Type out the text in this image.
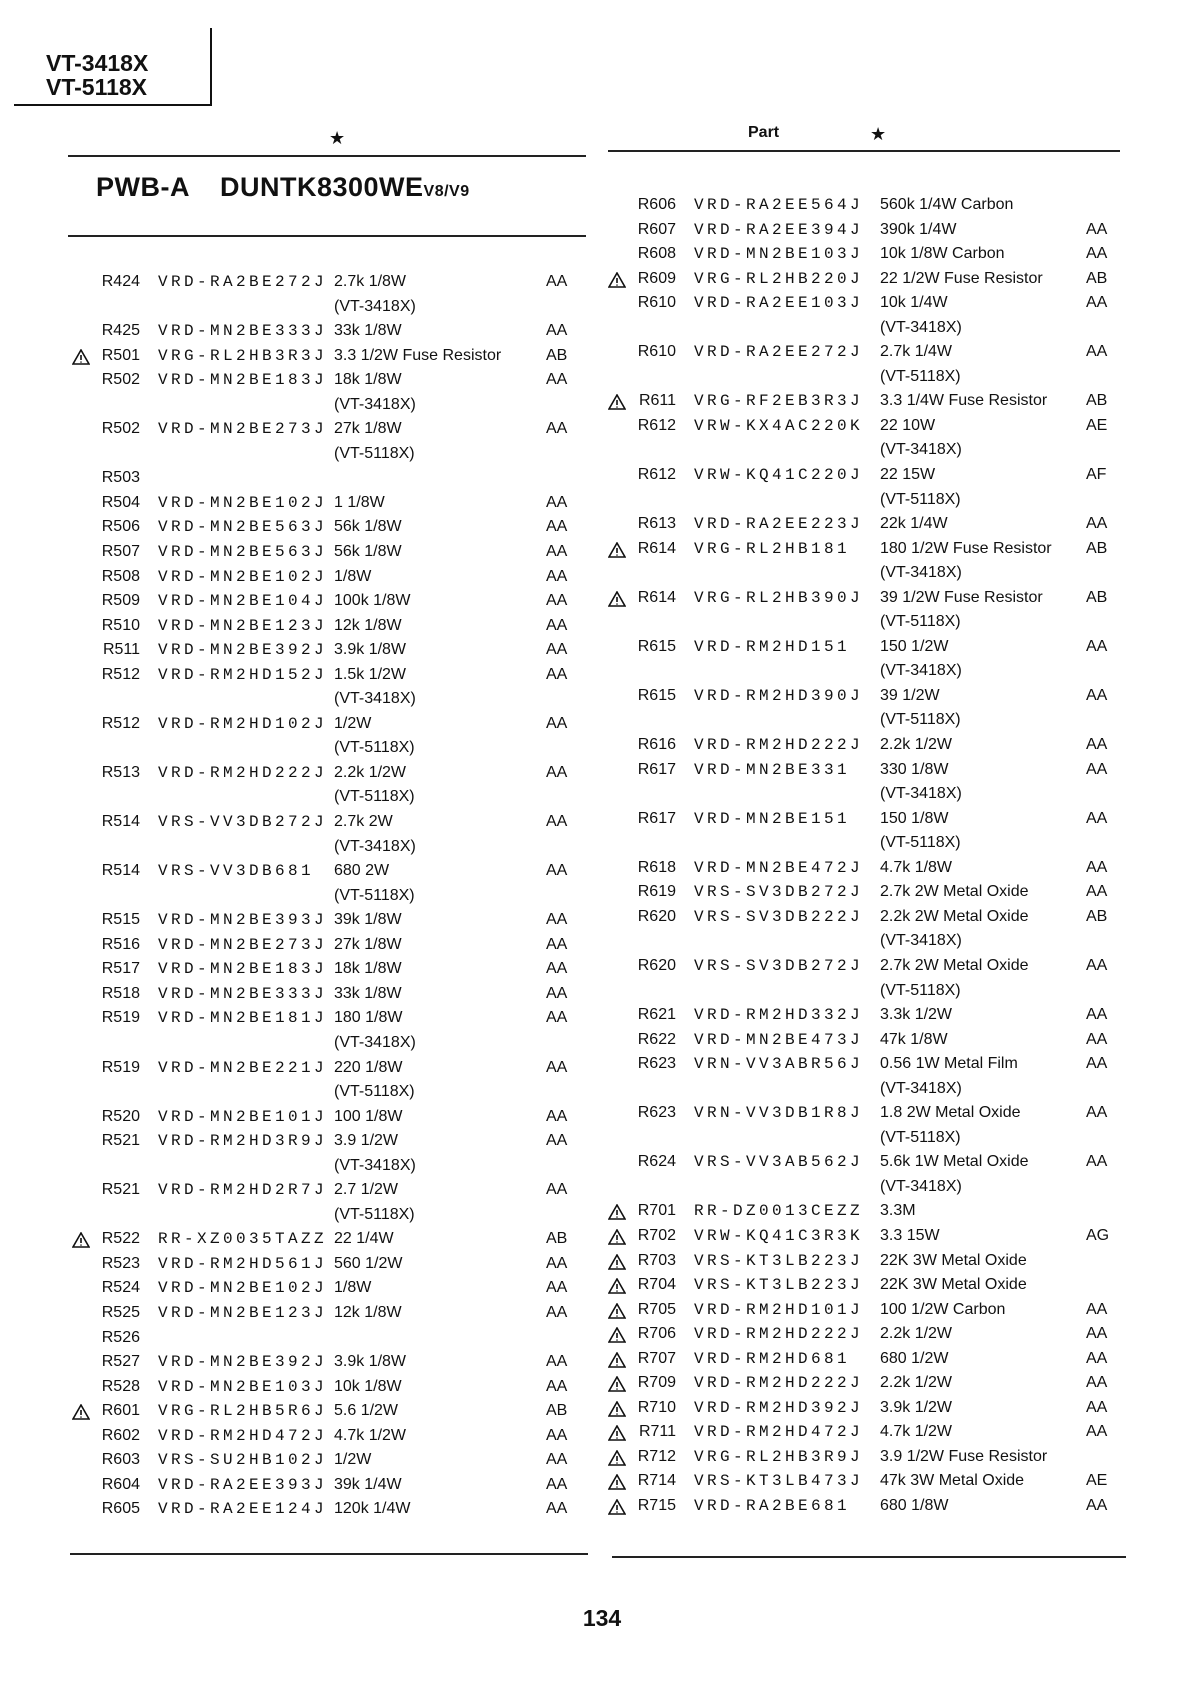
VT-3418X
VT-5118X
★	Part	★
PWB-A DUNTK8300WEV8/V9
R424 VRD-RA2BE272J 2.7k 1/8W	AA
(VT-3418X)
R425 VRD-MN2BE333J 33k 1/8W	AA
R501 VRG-RL2HB3R3J 3.3 1/2W Fuse Resistor	AB
R502 VRD-MN2BE183J 18k 1/8W	AA
(VT-3418X)
R502 VRD-MN2BE273J 27k 1/8W	AA
(VT-5118X)
R503
R504 VRD-MN2BE102J 1 1/8W	AA
R506 VRD-MN2BE563J 56k 1/8W	AA
R507 VRD-MN2BE563J 56k 1/8W	AA
R508 VRD-MN2BE102J 1/8W	AA
R509 VRD-MN2BE104J 100k 1/8W	AA
R510 VRD-MN2BE123J 12k 1/8W	AA
R511 VRD-MN2BE392J 3.9k 1/8W	AA
R512 VRD-RM2HD152J 1.5k 1/2W	AA
(VT-3418X)
R512 VRD-RM2HD102J 1/2W	AA
(VT-5118X)
R513 VRD-RM2HD222J 2.2k 1/2W	AA
(VT-5118X)
R514 VRS-VV3DB272J 2.7k 2W	AA
(VT-3418X)
R514 VRS-VV3DB681 680 2W	AA
(VT-5118X)
R515 VRD-MN2BE393J 39k 1/8W	AA
R516 VRD-MN2BE273J 27k 1/8W	AA
R517 VRD-MN2BE183J 18k 1/8W	AA
R518 VRD-MN2BE333J 33k 1/8W	AA
R519 VRD-MN2BE181J 180 1/8W	AA
(VT-3418X)
R519 VRD-MN2BE221J 220 1/8W	AA
(VT-5118X)
R520 VRD-MN2BE101J 100 1/8W	AA
R521 VRD-RM2HD3R9J 3.9 1/2W	AA
(VT-3418X)
R521 VRD-RM2HD2R7J 2.7 1/2W	AA
(VT-5118X)
R522 RR-XZ0035TAZZ 22 1/4W	AB
R523 VRD-RM2HD561J 560 1/2W	AA
R524 VRD-MN2BE102J 1/8W	AA
R525 VRD-MN2BE123J 12k 1/8W	AA
R526
R527 VRD-MN2BE392J 3.9k 1/8W	AA
R528 VRD-MN2BE103J 10k 1/8W	AA
R601 VRG-RL2HB5R6J 5.6 1/2W	AB
R602 VRD-RM2HD472J 4.7k 1/2W	AA
R603 VRS-SU2HB102J 1/2W	AA
R604 VRD-RA2EE393J 39k 1/4W	AA
R605 VRD-RA2EE124J 120k 1/4W	AA
R606 VRD-RA2EE564J 560k 1/4W Carbon
R607 VRD-RA2EE394J 390k 1/4W	AA
R608 VRD-MN2BE103J 10k 1/8W Carbon	AA
R609 VRG-RL2HB220J 22 1/2W Fuse Resistor	AB
R610 VRD-RA2EE103J 10k 1/4W	AA
(VT-3418X)
R610 VRD-RA2EE272J 2.7k 1/4W	AA
(VT-5118X)
R611 VRG-RF2EB3R3J 3.3 1/4W Fuse Resistor AB
R612 VRW-KX4AC220K 22 10W	AE
(VT-3418X)
R612 VRW-KQ41C220J 22 15W	AF
(VT-5118X)
R613 VRD-RA2EE223J 22k 1/4W	AA
R614 VRG-RL2HB181 180 1/2W Fuse Resistor AB
(VT-3418X)
R614 VRG-RL2HB390J 39 1/2W Fuse Resistor	AB
(VT-5118X)
R615 VRD-RM2HD151 150 1/2W	AA
(VT-3418X)
R615 VRD-RM2HD390J 39 1/2W	AA
(VT-5118X)
R616 VRD-RM2HD222J 2.2k 1/2W	AA
R617 VRD-MN2BE331 330 1/8W	AA
(VT-3418X)
R617 VRD-MN2BE151 150 1/8W	AA
(VT-5118X)
R618 VRD-MN2BE472J 4.7k 1/8W	AA
R619 VRS-SV3DB272J 2.7k 2W Metal Oxide	AA
R620 VRS-SV3DB222J 2.2k 2W Metal Oxide	AB
(VT-3418X)
R620 VRS-SV3DB272J 2.7k 2W Metal Oxide	AA
(VT-5118X)
R621 VRD-RM2HD332J 3.3k 1/2W	AA
R622 VRD-MN2BE473J 47k 1/8W	AA
R623 VRN-VV3ABR56J 0.56 1W Metal Film	AA
(VT-3418X)
R623 VRN-VV3DB1R8J 1.8 2W Metal Oxide	AA
(VT-5118X)
R624 VRS-VV3AB562J 5.6k 1W Metal Oxide	AA
(VT-3418X)
R701 RR-DZ0013CEZZ 3.3M
R702 VRW-KQ41C3R3K 3.3 15W	AG
R703 VRS-KT3LB223J 22K 3W Metal Oxide
R704 VRS-KT3LB223J 22K 3W Metal Oxide
R705 VRD-RM2HD101J 100 1/2W Carbon	AA
R706 VRD-RM2HD222J 2.2k 1/2W	AA
R707 VRD-RM2HD681 680 1/2W	AA
R709 VRD-RM2HD222J 2.2k 1/2W	AA
R710 VRD-RM2HD392J 3.9k 1/2W	AA
R711 VRD-RM2HD472J 4.7k 1/2W	AA
R712 VRG-RL2HB3R9J 3.9 1/2W Fuse Resistor
R714 VRS-KT3LB473J 47k 3W Metal Oxide	AE
R715 VRD-RA2BE681 680 1/8W	AA
134
